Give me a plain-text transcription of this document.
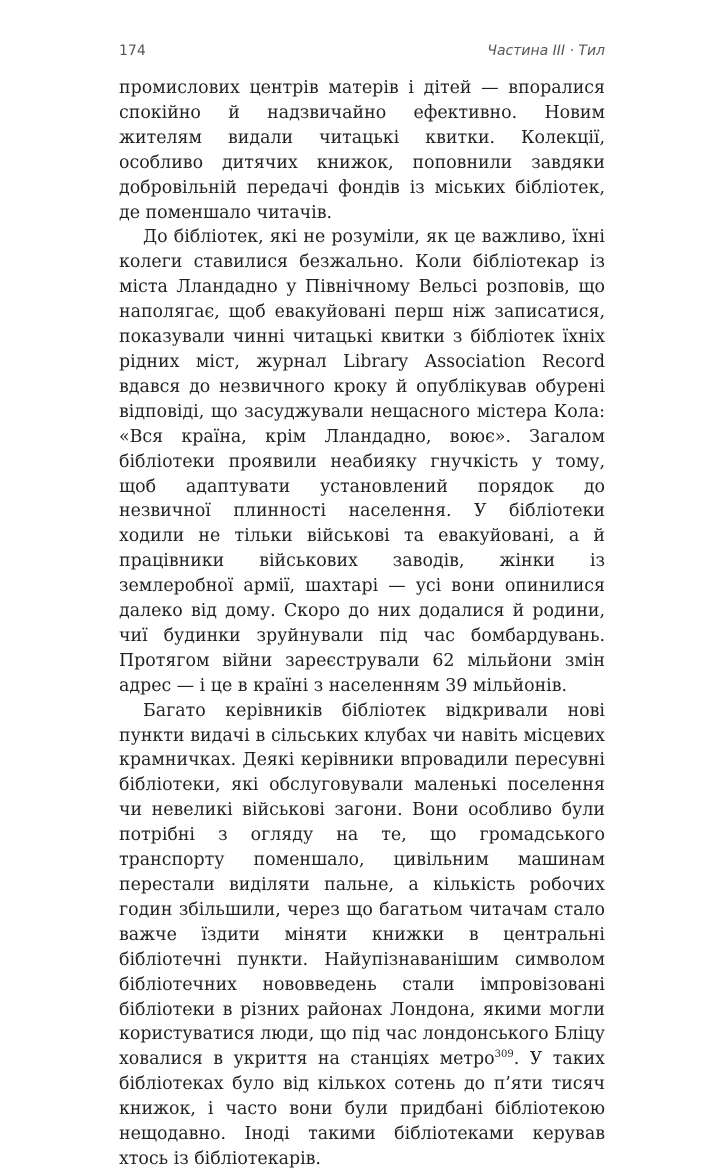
174	Частина III · Тил

промислових центрів матерів і дітей — впоралися спокійно й надзвичайно ефективно. Новим жителям видали читацькі квитки. Колекції, особливо дитячих книжок, поповнили завдяки добровільній передачі фондів із міських бібліотек, де поменшало читачів.

До бібліотек, які не розуміли, як це важливо, їхні колеги ставилися безжально. Коли бібліотекар із міста Лландадно у Північному Вельсі розповів, що наполягає, щоб евакуйовані перш ніж записатися, показували чинні читацькі квитки з бібліотек їхніх рідних міст, журнал Library Association Record вдався до незвичного кроку й опублікував обурені відповіді, що засуджували нещасного містера Кола: «Вся країна, крім Лландадно, воює». Загалом бібліотеки проявили неабияку гнучкість у тому, щоб адаптувати установлений порядок до незвичної плинності населення. У бібліотеки ходили не тільки військові та евакуйовані, а й працівники військових заводів, жінки із землеробної армії, шахтарі — усі вони опинилися далеко від дому. Скоро до них додалися й родини, чиї будинки зруйнували під час бомбардувань. Протягом війни зареєстрували 62 мільйони змін адрес — і це в країні з населенням 39 мільйонів.

Багато керівників бібліотек відкривали нові пункти видачі в сільських клубах чи навіть місцевих крамничках. Деякі керівники впровадили пересувні бібліотеки, які обслуговували маленькі поселення чи невеликі військові загони. Вони особливо були потрібні з огляду на те, що громадського транспорту поменшало, цивільним машинам перестали виділяти пальне, а кількість робочих годин збільшили, через що багатьом читачам стало важче їздити міняти книжки в центральні бібліотечні пункти. Найупізнаванішим символом бібліотечних нововведень стали імпровізовані бібліотеки в різних районах Лондона, якими могли користуватися люди, що під час лондонського Бліцу ховалися в укриття на станціях метро$^{309}$. У таких бібліотеках було від кількох сотень до п’яти тисяч книжок, і часто вони були придбані бібліотекою нещодавно. Іноді такими бібліотеками керував хтось із бібліотекарів.
